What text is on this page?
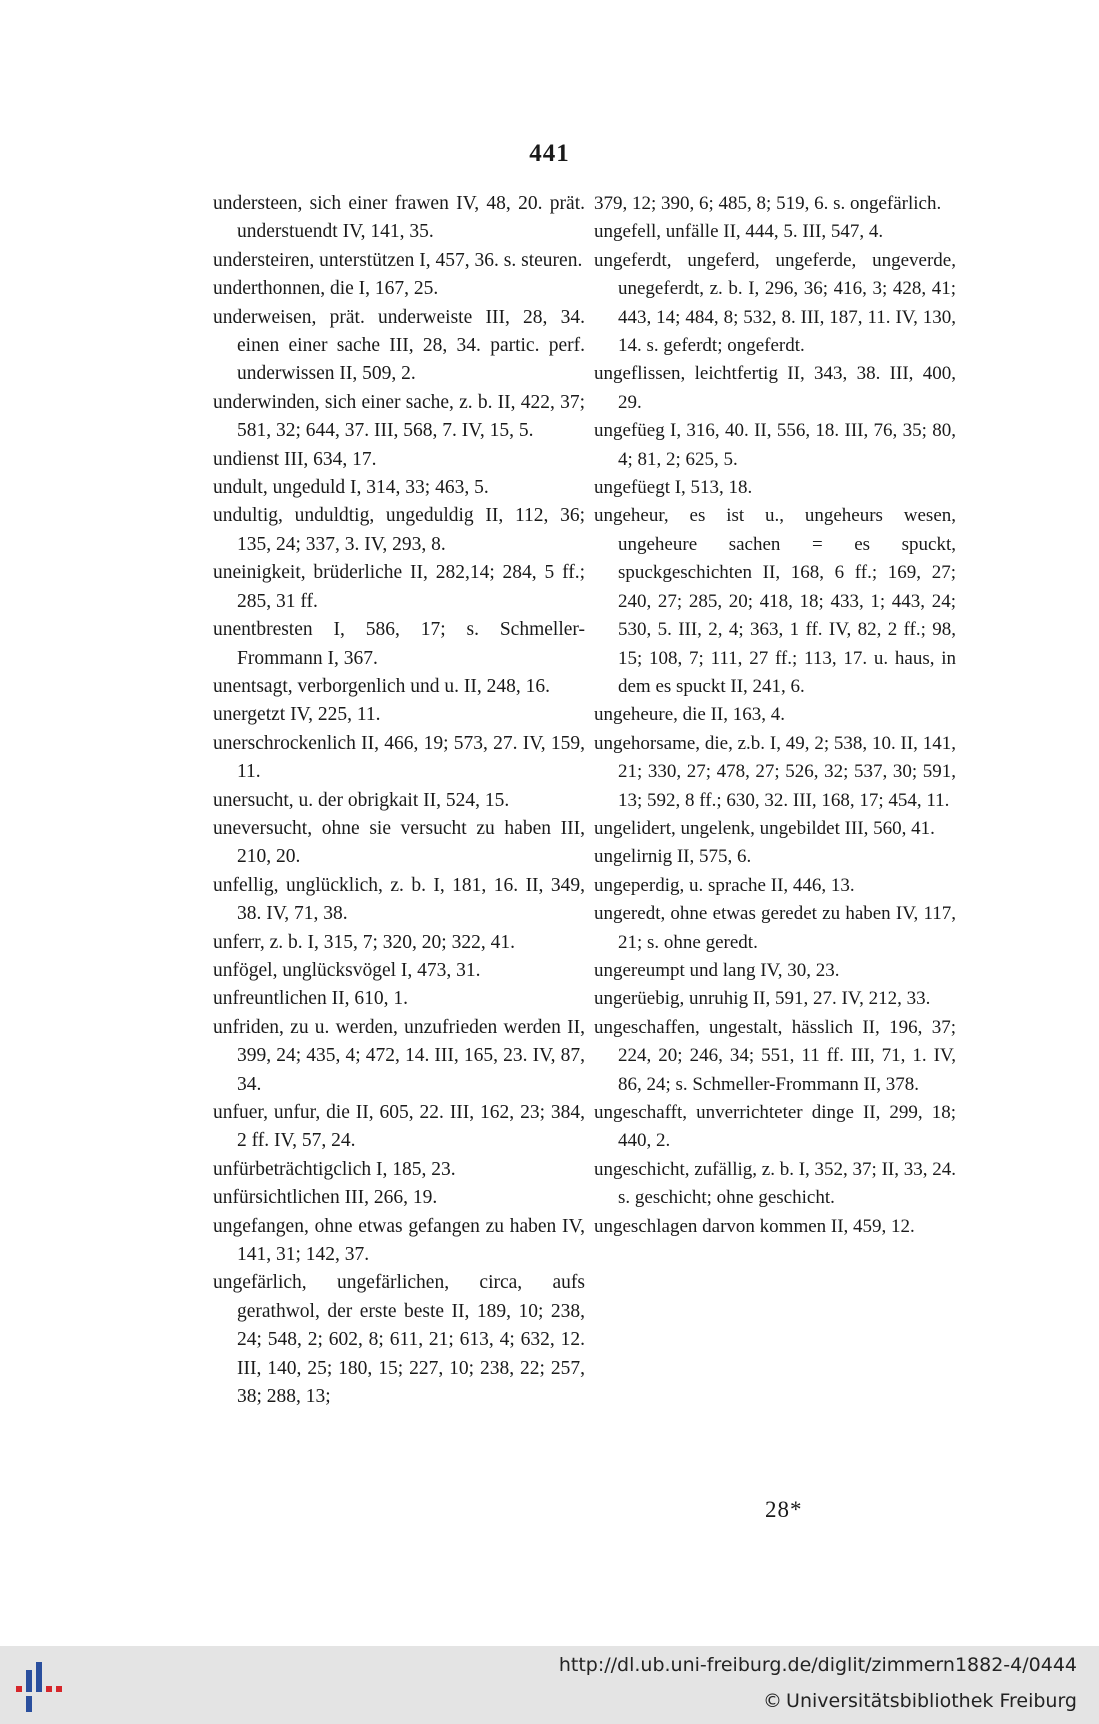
441
understeen, sich einer frawen IV, 48, 20. prät. understuendt IV, 141, 35.
understeiren, unterstützen I, 457, 36. s. steuren.
underthonnen, die I, 167, 25.
underweisen, prät. underweiste III, 28, 34. einen einer sache III, 28, 34. partic. perf. underwissen II, 509, 2.
underwinden, sich einer sache, z. b. II, 422, 37; 581, 32; 644, 37. III, 568, 7. IV, 15, 5.
undienst III, 634, 17.
undult, ungeduld I, 314, 33; 463, 5.
undultig, unduldtig, ungeduldig II, 112, 36; 135, 24; 337, 3. IV, 293, 8.
uneinigkeit, brüderliche II, 282,14; 284, 5 ff.; 285, 31 ff.
unentbresten I, 586, 17; s. Schmeller-Frommann I, 367.
unentsagt, verborgenlich und u. II, 248, 16.
unergetzt IV, 225, 11.
unerschrockenlich II, 466, 19; 573, 27. IV, 159, 11.
unersucht, u. der obrigkait II, 524, 15.
uneversucht, ohne sie versucht zu haben III, 210, 20.
unfellig, unglücklich, z. b. I, 181, 16. II, 349, 38. IV, 71, 38.
unferr, z. b. I, 315, 7; 320, 20; 322, 41.
unfögel, unglücksvögel I, 473, 31.
unfreuntlichen II, 610, 1.
unfriden, zu u. werden, unzufrieden werden II, 399, 24; 435, 4; 472, 14. III, 165, 23. IV, 87, 34.
unfuer, unfur, die II, 605, 22. III, 162, 23; 384, 2 ff. IV, 57, 24.
unfürbeträchtigclich I, 185, 23.
unfürsichtlichen III, 266, 19.
ungefangen, ohne etwas gefangen zu haben IV, 141, 31; 142, 37.
ungefärlich, ungefärlichen, circa, aufs gerathwol, der erste beste II, 189, 10; 238, 24; 548, 2; 602, 8; 611, 21; 613, 4; 632, 12. III, 140, 25; 180, 15; 227, 10; 238, 22; 257, 38; 288, 13;
379, 12; 390, 6; 485, 8; 519, 6. s. ongefärlich.
ungefell, unfälle II, 444, 5. III, 547, 4.
ungeferdt, ungeferd, ungeferde, ungeverde, unegeferdt, z. b. I, 296, 36; 416, 3; 428, 41; 443, 14; 484, 8; 532, 8. III, 187, 11. IV, 130, 14. s. geferdt; ongeferdt.
ungeflissen, leichtfertig II, 343, 38. III, 400, 29.
ungefüeg I, 316, 40. II, 556, 18. III, 76, 35; 80, 4; 81, 2; 625, 5.
ungefüegt I, 513, 18.
ungeheur, es ist u., ungeheurs wesen, ungeheure sachen = es spuckt, spuckgeschichten II, 168, 6 ff.; 169, 27; 240, 27; 285, 20; 418, 18; 433, 1; 443, 24; 530, 5. III, 2, 4; 363, 1 ff. IV, 82, 2 ff.; 98, 15; 108, 7; 111, 27 ff.; 113, 17. u. haus, in dem es spuckt II, 241, 6.
ungeheure, die II, 163, 4.
ungehorsame, die, z.b. I, 49, 2; 538, 10. II, 141, 21; 330, 27; 478, 27; 526, 32; 537, 30; 591, 13; 592, 8 ff.; 630, 32. III, 168, 17; 454, 11.
ungelidert, ungelenk, ungebildet III, 560, 41.
ungelirnig II, 575, 6.
ungeperdig, u. sprache II, 446, 13.
ungeredt, ohne etwas geredet zu haben IV, 117, 21; s. ohne geredt.
ungereumpt und lang IV, 30, 23.
ungerüebig, unruhig II, 591, 27. IV, 212, 33.
ungeschaffen, ungestalt, hässlich II, 196, 37; 224, 20; 246, 34; 551, 11 ff. III, 71, 1. IV, 86, 24; s. Schmeller-Frommann II, 378.
ungeschafft, unverrichteter dinge II, 299, 18; 440, 2.
ungeschicht, zufällig, z. b. I, 352, 37; II, 33, 24. s. geschicht; ohne geschicht.
ungeschlagen darvon kommen II, 459, 12.
28*
http://dl.ub.uni-freiburg.de/diglit/zimmern1882-4/0444
© Universitätsbibliothek Freiburg
